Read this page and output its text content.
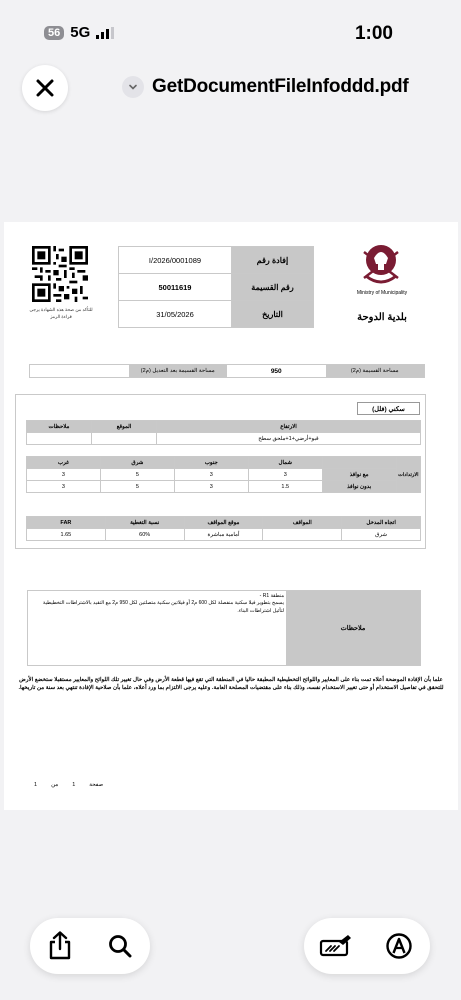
56 5G	1:00
GetDocumentFileInfoddd.pdf
للتأكد من صحة هذه الشهادة يرجى قراءة الرمز
I/2026/0001089	إفادة رقم
50011619	رقم القسيمة
31/05/2026	التاريخ
Ministry of Municipality
بلدية الدوحة
مساحة القسيمة بعد التعديل (م2)	950	مساحة القسيمة (م2)
سكني (فلل)
ملاحظات	الموقع	الارتفاع
		قبو+أرضي+1+ملحق سطح
غرب	شرق	جنوب	شمال		الارتدادات
3	5	3	3	مع نوافذ	
3	5	3	1.5	بدون نوافذ	
FAR	نسبة التغطية	موقع المواقف	المواقف	اتجاه المدخل
1.65	60%	أمامية مباشرة		شرق
منطقة R1 -
يسمح بتطوير فيلا سكنية منفصلة لكل 600 م2 أو فيلاتين سكنية متصلتين لكل 950 م2 مع التقيد بالاشتراطات التخطيطية لتأثيل اشتراطات البناء.
ملاحظات
علما بأن الإفادة الموضحة أعلاه تمت بناء على المعايير واللوائح التخطيطية المطبقة حاليا في المنطقة التي تقع فيها قطعة الأرض وفي حال تغيير تلك اللوائح والمعايير مستقبلا ستخضع الأرض للتحقق في تفاصيل الاستخدام أو حتى تغيير الاستخدام نفسه، وذلك بناء على مقتضيات المصلحة العامة. وعليه يرجى الالتزام بما ورد أعلاه، علما بأن صلاحية الإفادة تنتهي بعد سنة من تاريخها.
1	من	1	صفحة
